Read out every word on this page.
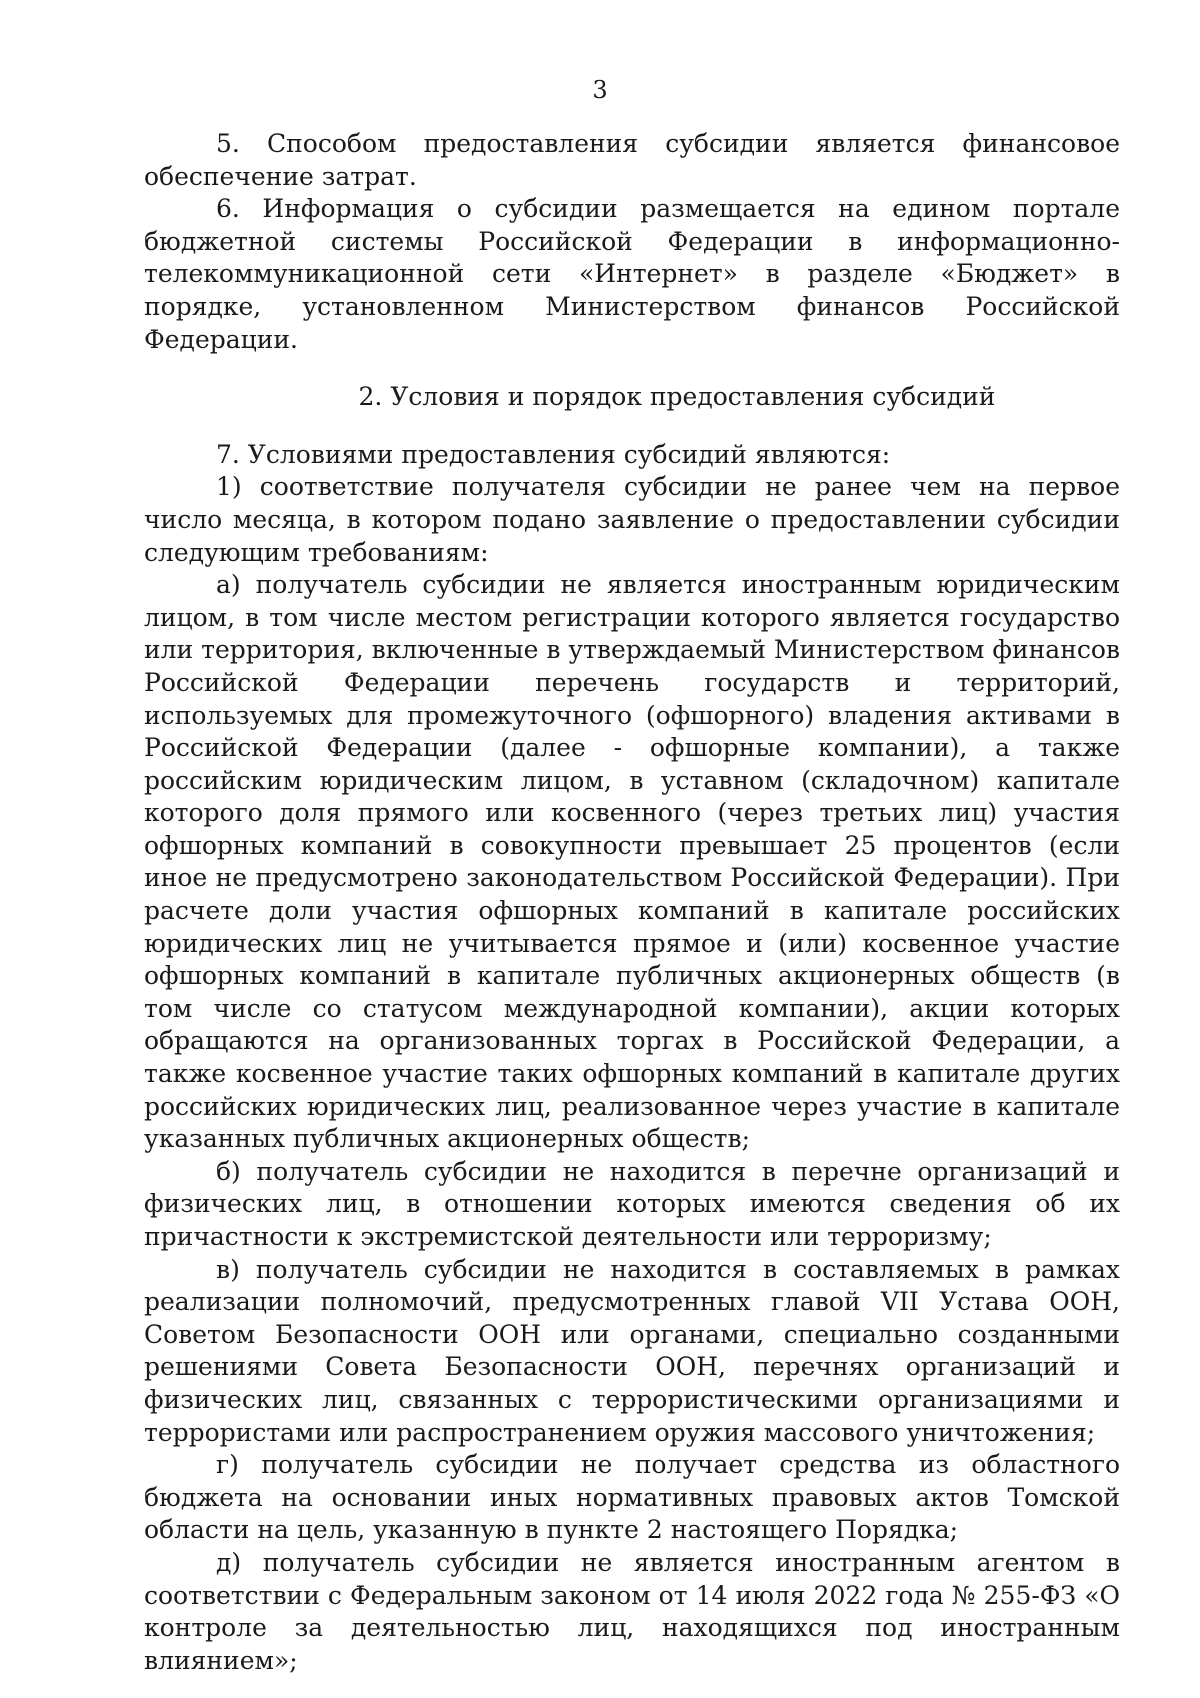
3

5. Способом предоставления субсидии является финансовое обеспечение затрат.

6. Информация о субсидии размещается на едином портале бюджетной системы Российской Федерации в информационно-телекоммуникационной сети «Интернет» в разделе «Бюджет» в порядке, установленном Министерством финансов Российской Федерации.

2. Условия и порядок предоставления субсидий

7. Условиями предоставления субсидий являются:

1) соответствие получателя субсидии не ранее чем на первое число месяца, в котором подано заявление о предоставлении субсидии следующим требованиям:

а) получатель субсидии не является иностранным юридическим лицом, в том числе местом регистрации которого является государство или территория, включенные в утверждаемый Министерством финансов Российской Федерации перечень государств и территорий, используемых для промежуточного (офшорного) владения активами в Российской Федерации (далее - офшорные компании), а также российским юридическим лицом, в уставном (складочном) капитале которого доля прямого или косвенного (через третьих лиц) участия офшорных компаний в совокупности превышает 25 процентов (если иное не предусмотрено законодательством Российской Федерации). При расчете доли участия офшорных компаний в капитале российских юридических лиц не учитывается прямое и (или) косвенное участие офшорных компаний в капитале публичных акционерных обществ (в том числе со статусом международной компании), акции которых обращаются на организованных торгах в Российской Федерации, а также косвенное участие таких офшорных компаний в капитале других российских юридических лиц, реализованное через участие в капитале указанных публичных акционерных обществ;

б) получатель субсидии не находится в перечне организаций и физических лиц, в отношении которых имеются сведения об их причастности к экстремистской деятельности или терроризму;

в) получатель субсидии не находится в составляемых в рамках реализации полномочий, предусмотренных главой VII Устава ООН, Советом Безопасности ООН или органами, специально созданными решениями Совета Безопасности ООН, перечнях организаций и физических лиц, связанных с террористическими организациями и террористами или распространением оружия массового уничтожения;

г) получатель субсидии не получает средства из областного бюджета на основании иных нормативных правовых актов Томской области на цель, указанную в пункте 2 настоящего Порядка;

д) получатель субсидии не является иностранным агентом в соответствии с Федеральным законом от 14 июля 2022 года № 255-ФЗ «О контроле за деятельностью лиц, находящихся под иностранным влиянием»;
